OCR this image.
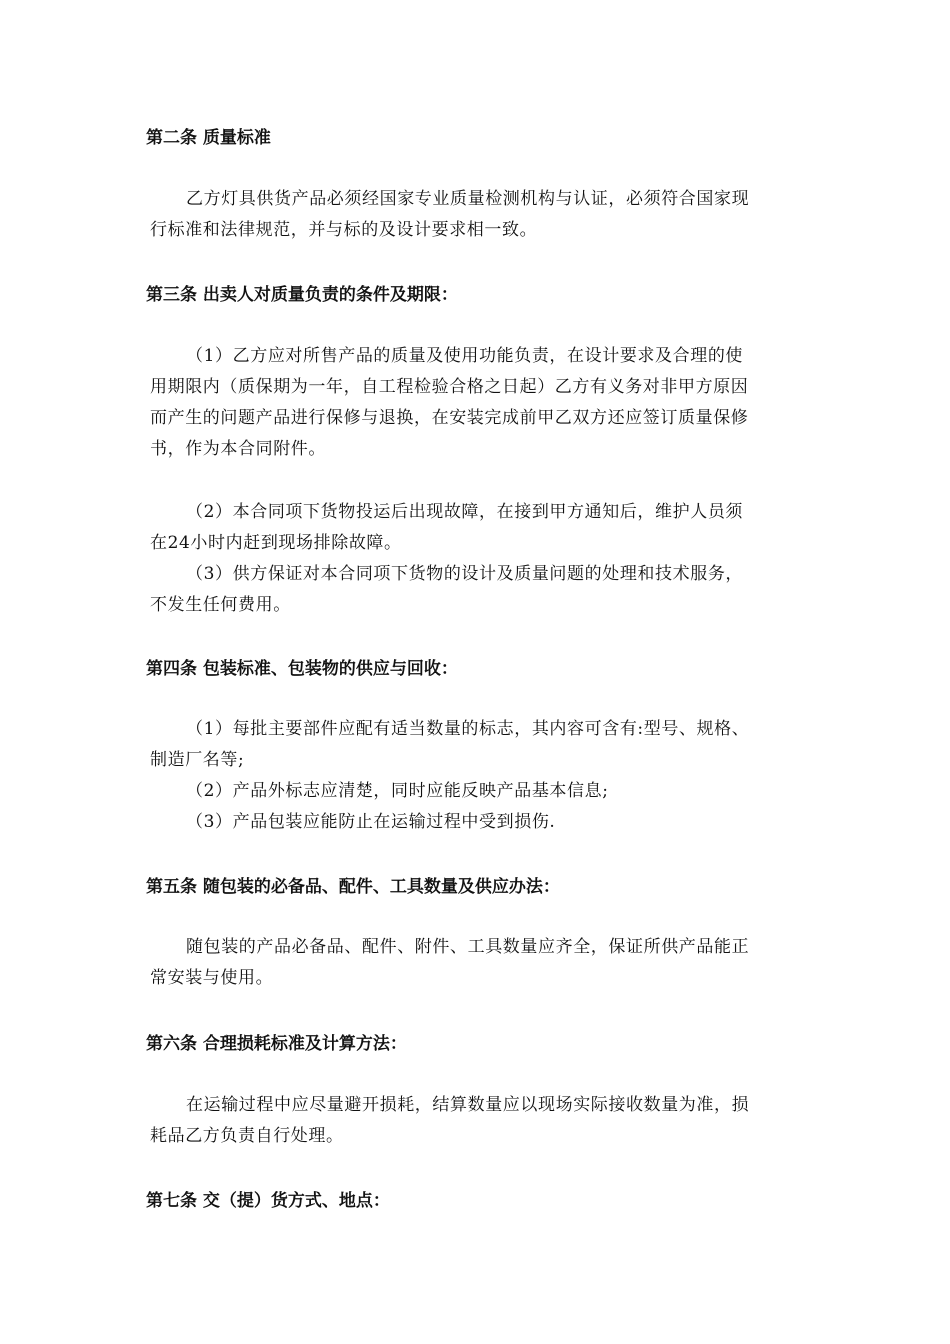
第二条 质量标准
乙方灯具供货产品必须经国家专业质量检测机构与认证，必须符合国家现
行标准和法律规范，并与标的及设计要求相一致。
第三条 出卖人对质量负责的条件及期限：
（1）乙方应对所售产品的质量及使用功能负责，在设计要求及合理的使
用期限内（质保期为一年，自工程检验合格之日起）乙方有义务对非甲方原因
而产生的问题产品进行保修与退换，在安装完成前甲乙双方还应签订质量保修
书，作为本合同附件。
（2）本合同项下货物投运后出现故障，在接到甲方通知后，维护人员须
在24小时内赶到现场排除故障。
（3）供方保证对本合同项下货物的设计及质量问题的处理和技术服务，
不发生任何费用。
第四条 包装标准、包装物的供应与回收：
（1）每批主要部件应配有适当数量的标志，其内容可含有:型号、规格、
制造厂名等;
（2）产品外标志应清楚，同时应能反映产品基本信息;
（3）产品包装应能防止在运输过程中受到损伤.
第五条 随包装的必备品、配件、工具数量及供应办法：
随包装的产品必备品、配件、附件、工具数量应齐全，保证所供产品能正
常安装与使用。
第六条 合理损耗标准及计算方法：
在运输过程中应尽量避开损耗，结算数量应以现场实际接收数量为准，损
耗品乙方负责自行处理。
第七条 交（提）货方式、地点：
